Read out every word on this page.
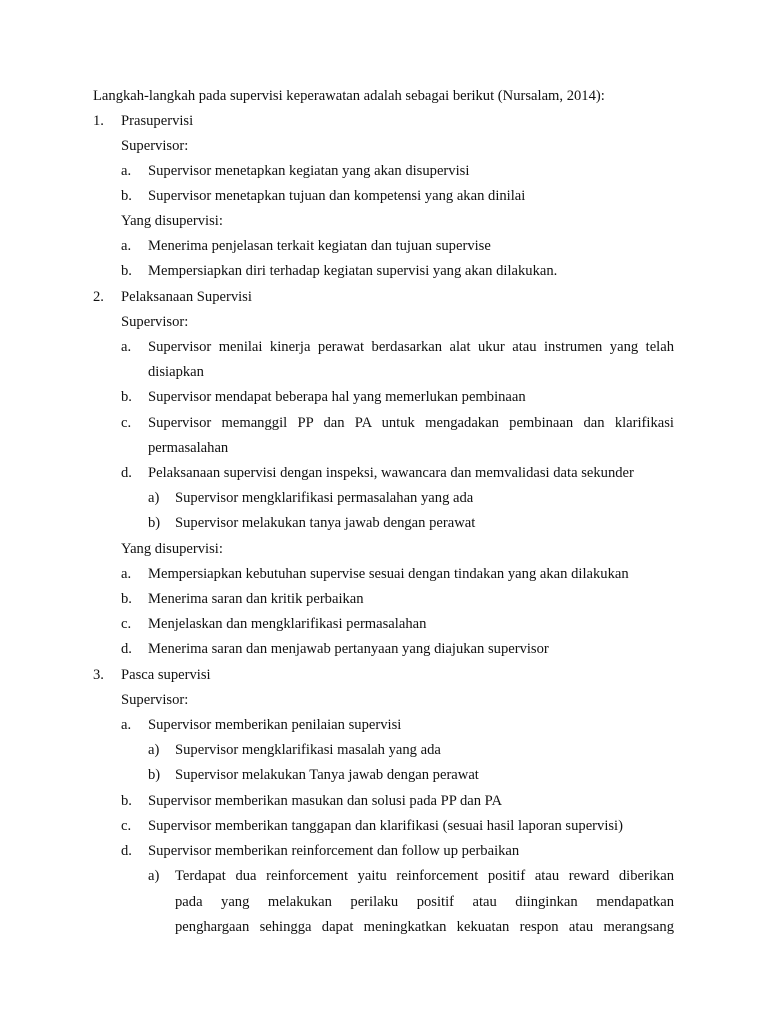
Langkah-langkah pada supervisi keperawatan adalah sebagai berikut (Nursalam, 2014):
1. Prasupervisi
Supervisor:
a. Supervisor menetapkan kegiatan yang akan disupervisi
b. Supervisor menetapkan tujuan dan kompetensi yang akan dinilai
Yang disupervisi:
a. Menerima penjelasan terkait kegiatan dan tujuan supervise
b. Mempersiapkan diri terhadap kegiatan supervisi yang akan dilakukan.
2. Pelaksanaan Supervisi
Supervisor:
a. Supervisor menilai kinerja perawat berdasarkan alat ukur atau instrumen yang telah
disiapkan
b. Supervisor mendapat beberapa hal yang memerlukan pembinaan
c. Supervisor memanggil PP dan PA untuk mengadakan pembinaan dan klarifikasi
permasalahan
d. Pelaksanaan supervisi dengan inspeksi, wawancara dan memvalidasi data sekunder
a) Supervisor mengklarifikasi permasalahan yang ada
b) Supervisor melakukan tanya jawab dengan perawat
Yang disupervisi:
a. Mempersiapkan kebutuhan supervise sesuai dengan tindakan yang akan dilakukan
b. Menerima saran dan kritik perbaikan
c. Menjelaskan dan mengklarifikasi permasalahan
d. Menerima saran dan menjawab pertanyaan yang diajukan supervisor
3. Pasca supervisi
Supervisor:
a. Supervisor memberikan penilaian supervisi
a) Supervisor mengklarifikasi masalah yang ada
b) Supervisor melakukan Tanya jawab dengan perawat
b. Supervisor memberikan masukan dan solusi pada PP dan PA
c. Supervisor memberikan tanggapan dan klarifikasi (sesuai hasil laporan supervisi)
d. Supervisor memberikan reinforcement dan follow up perbaikan
a) Terdapat dua reinforcement yaitu reinforcement positif atau reward diberikan
pada yang melakukan perilaku positif atau diinginkan mendapatkan
penghargaan sehingga dapat meningkatkan kekuatan respon atau merangsang
